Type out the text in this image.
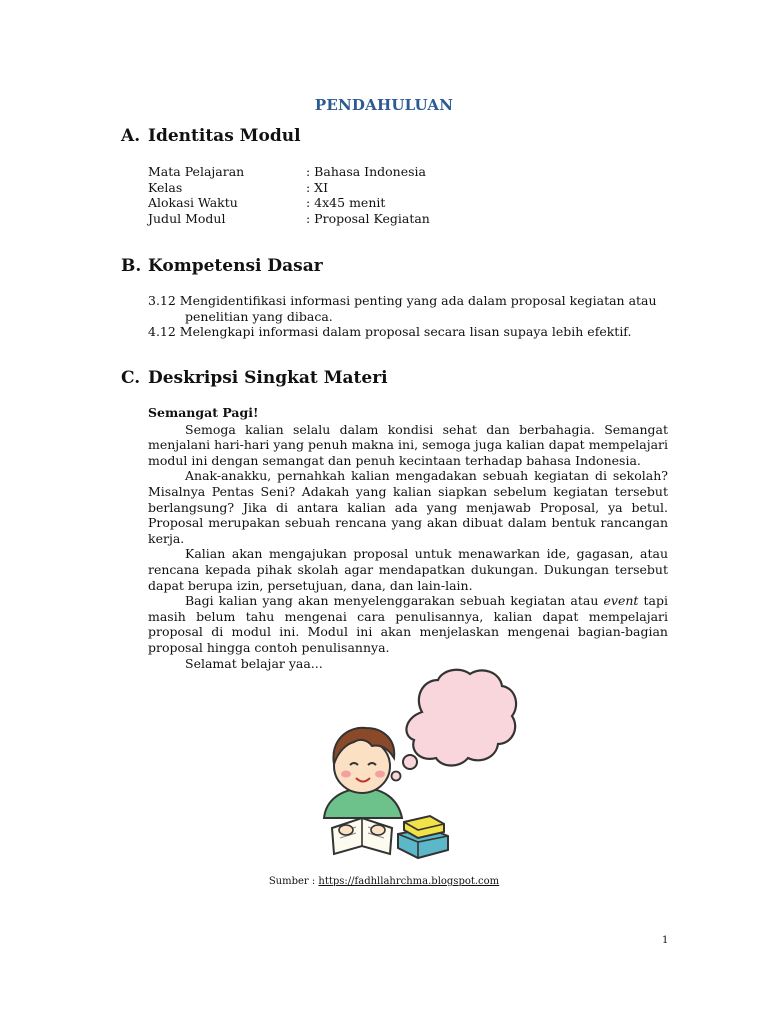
PENDAHULUAN
A. Identitas Modul
Mata Pelajaran	: Bahasa Indonesia
Kelas	: XI
Alokasi Waktu	: 4x45 menit
Judul Modul	: Proposal Kegiatan
B. Kompetensi Dasar
3.12 Mengidentifikasi informasi penting yang ada dalam proposal kegiatan atau
penelitian yang dibaca.
4.12 Melengkapi informasi dalam proposal secara lisan supaya lebih efektif.
C. Deskripsi Singkat Materi
Semangat Pagi!

Semoga kalian selalu dalam kondisi sehat dan berbahagia. Semangat menjalani hari-hari yang penuh makna ini, semoga juga kalian dapat mempelajari modul ini dengan semangat dan penuh kecintaan terhadap bahasa Indonesia.

Anak-anakku, pernahkah kalian mengadakan sebuah kegiatan di sekolah? Misalnya Pentas Seni? Adakah yang kalian siapkan sebelum kegiatan tersebut berlangsung? Jika di antara kalian ada yang menjawab Proposal, ya betul. Proposal merupakan sebuah rencana yang akan dibuat dalam bentuk rancangan kerja.

Kalian akan mengajukan proposal untuk menawarkan ide, gagasan, atau rencana kepada pihak skolah agar mendapatkan dukungan. Dukungan tersebut dapat berupa izin, persetujuan, dana, dan lain-lain.

Bagi kalian yang akan menyelenggarakan sebuah kegiatan atau event tapi masih belum tahu mengenai cara penulisannya, kalian dapat mempelajari proposal di modul ini. Modul ini akan menjelaskan mengenai bagian-bagian proposal hingga contoh penulisannya.

Selamat belajar yaa...

Sumber : https://fadhllahrchma.blogspot.com
1
